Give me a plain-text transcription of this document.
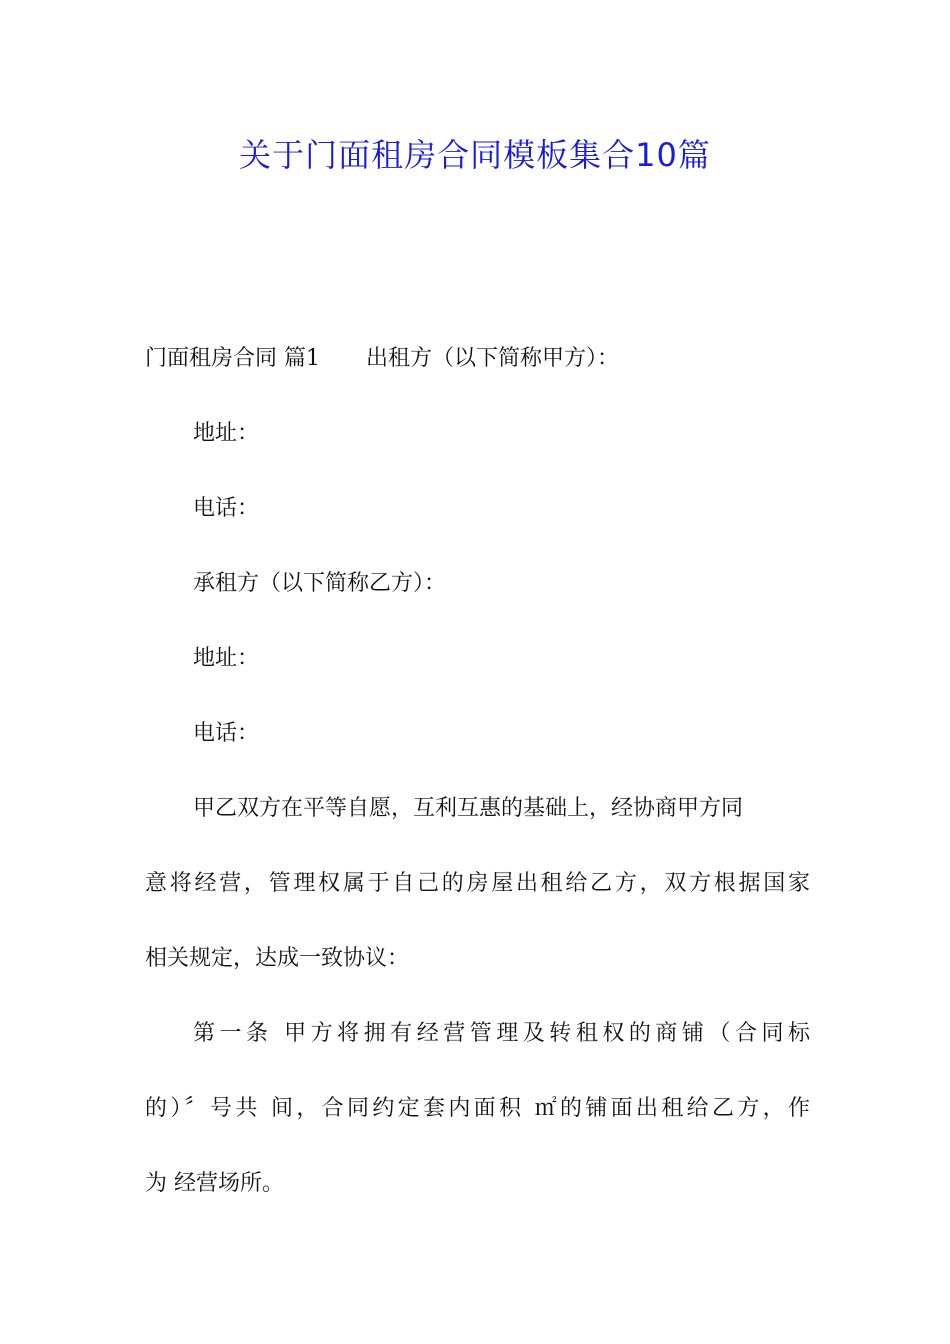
关于门面租房合同模板集合10篇

门面租房合同 篇1 出租方（以下简称甲方）：

地址：

电话：

承租方（以下简称乙方）：

地址：

电话：

甲乙双方在平等自愿，互利互惠的基础上，经协商甲方同

意将经营，管理权属于自己的房屋出租给乙方，双方根据国家

相关规定，达成一致协议：

第一条 甲方将拥有经营管理及转租权的商铺（合同标

的）〞号共 间，合同约定套内面积 ㎡的铺面出租给乙方，作

为 经营场所。
